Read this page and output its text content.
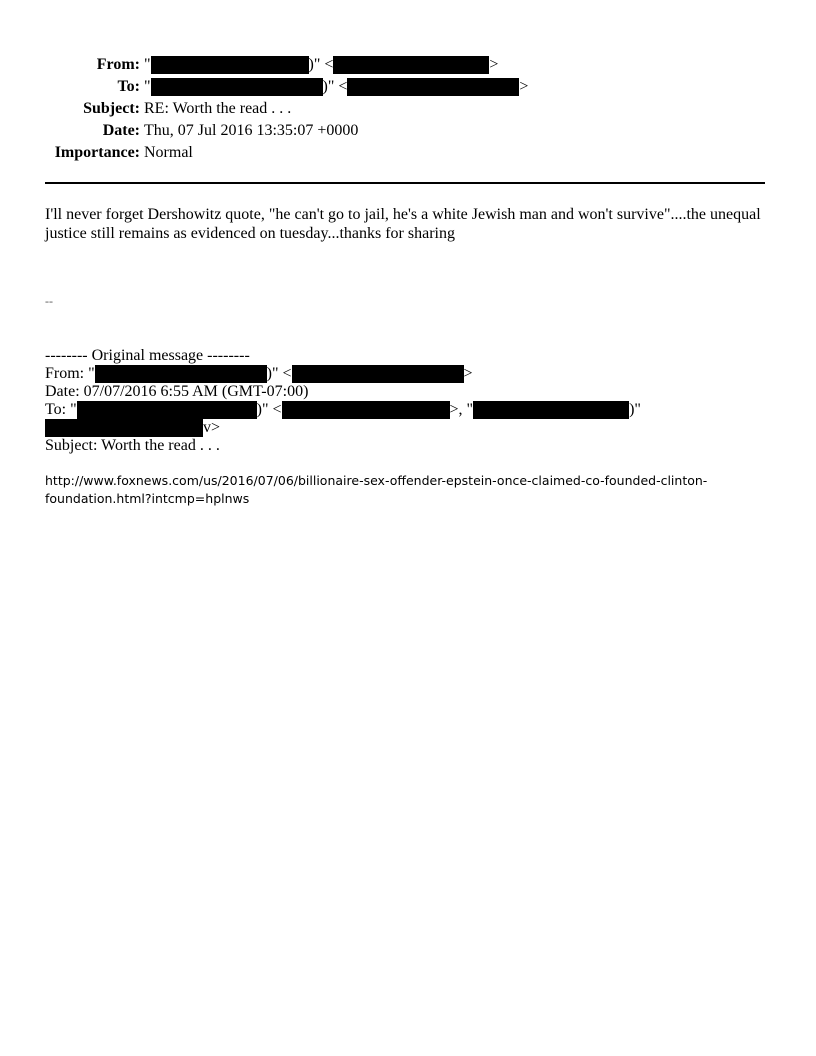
From: "	)" <	>
To: "	)" <	>
Subject: RE: Worth the read . . .
Date: Thu, 07 Jul 2016 13:35:07 +0000
Importance: Normal
I'll never forget Dershowitz quote, "he can't go to jail, he's a white Jewish man and won't survive"....the unequal justice still remains as evidenced on tuesday...thanks for sharing
--
-------- Original message --------
From: "	)" <	>
Date: 07/07/2016 6:55 AM (GMT-07:00)
To: "	)" <	>, "	)"
v>
Subject: Worth the read . . .
http://www.foxnews.com/us/2016/07/06/billionaire-sex-offender-epstein-once-claimed-co-founded-clinton-foundation.html?intcmp=hplnws
